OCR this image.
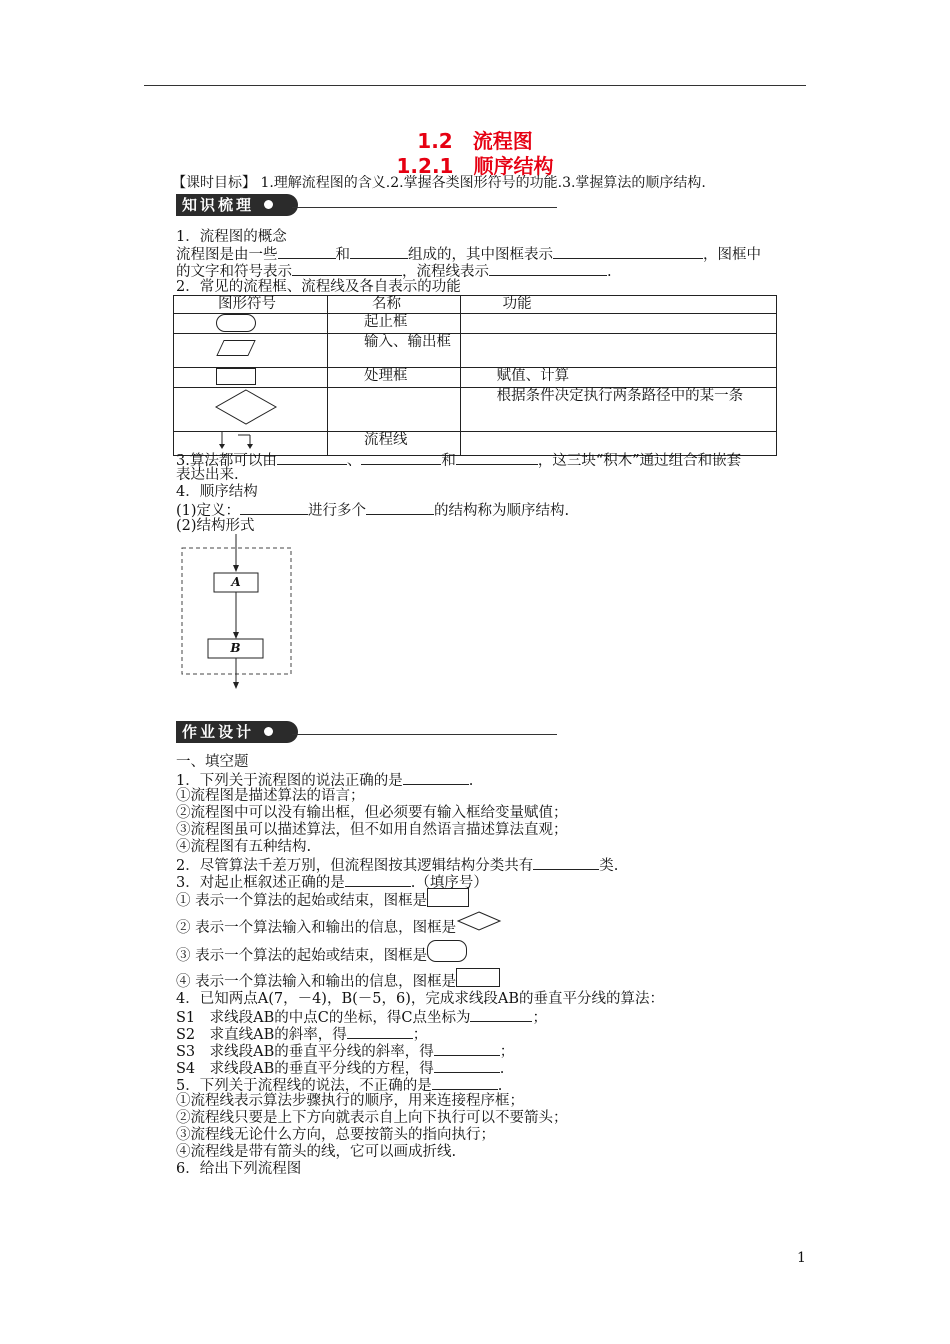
1.2　流程图
1.2.1　顺序结构
【课时目标】 1.理解流程图的含义.2.掌握各类图形符号的功能.3.掌握算法的顺序结构.
知识梳理
1．流程图的概念
流程图是由一些	和	组成的，其中图框表示	，图框中
的文字和符号表示	，流程线表示	.
2．常见的流程框、流程线及各自表示的功能
图形符号	名称	功能
	起止框	
	输入、输出框	
	处理框	赋值、计算
		根据条件决定执行两条路径中的某一条
	流程线	
3.算法都可以由	、	和	，这三块“积木”通过组合和嵌套
表达出来.
4．顺序结构
(1)定义：	进行多个	的结构称为顺序结构.
(2)结构形式
A
B
作业设计
一、填空题
1．下列关于流程图的说法正确的是	.
①流程图是描述算法的语言；
②流程图中可以没有输出框，但必须要有输入框给变量赋值；
③流程图虽可以描述算法，但不如用自然语言描述算法直观；
④流程图有五种结构.
2．尽管算法千差万别，但流程图按其逻辑结构分类共有	类.
3．对起止框叙述正确的是	.（填序号）
① 表示一个算法的起始或结束，图框是
② 表示一个算法输入和输出的信息，图框是
③ 表示一个算法的起始或结束，图框是
④ 表示一个算法输入和输出的信息，图框是
4．已知两点A(7，－4)，B(－5，6)，完成求线段AB的垂直平分线的算法：
S1　求线段AB的中点C的坐标，得C点坐标为	；
S2　求直线AB的斜率，得	；
S3　求线段AB的垂直平分线的斜率，得	；
S4　求线段AB的垂直平分线的方程，得	.
5．下列关于流程线的说法，不正确的是	.
①流程线表示算法步骤执行的顺序，用来连接程序框；
②流程线只要是上下方向就表示自上向下执行可以不要箭头；
③流程线无论什么方向，总要按箭头的指向执行；
④流程线是带有箭头的线，它可以画成折线.
6．给出下列流程图
1
